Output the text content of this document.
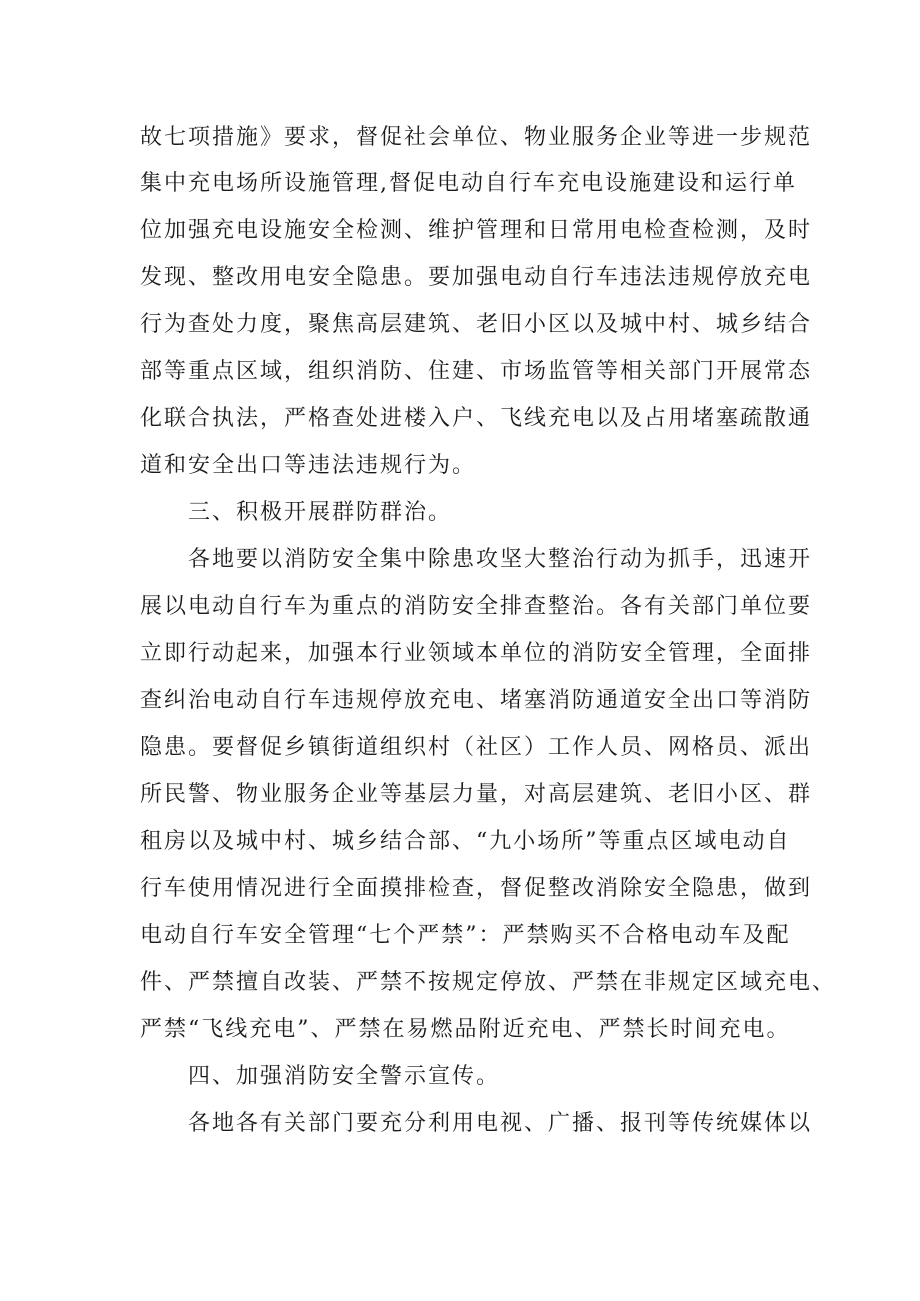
故七项措施》要求，督促社会单位、物业服务企业等进一步规范
集中充电场所设施管理,督促电动自行车充电设施建设和运行单
位加强充电设施安全检测、维护管理和日常用电检查检测，及时
发现、整改用电安全隐患。要加强电动自行车违法违规停放充电
行为查处力度，聚焦高层建筑、老旧小区以及城中村、城乡结合
部等重点区域，组织消防、住建、市场监管等相关部门开展常态
化联合执法，严格查处进楼入户、飞线充电以及占用堵塞疏散通
道和安全出口等违法违规行为。
三、积极开展群防群治。
各地要以消防安全集中除患攻坚大整治行动为抓手，迅速开
展以电动自行车为重点的消防安全排查整治。各有关部门单位要
立即行动起来，加强本行业领域本单位的消防安全管理，全面排
查纠治电动自行车违规停放充电、堵塞消防通道安全出口等消防
隐患。要督促乡镇街道组织村（社区）工作人员、网格员、派出
所民警、物业服务企业等基层力量，对高层建筑、老旧小区、群
租房以及城中村、城乡结合部、“九小场所”等重点区域电动自
行车使用情况进行全面摸排检查，督促整改消除安全隐患，做到
电动自行车安全管理“七个严禁”：严禁购买不合格电动车及配
件、严禁擅自改装、严禁不按规定停放、严禁在非规定区域充电、
严禁“飞线充电”、严禁在易燃品附近充电、严禁长时间充电。
四、加强消防安全警示宣传。
各地各有关部门要充分利用电视、广播、报刊等传统媒体以
